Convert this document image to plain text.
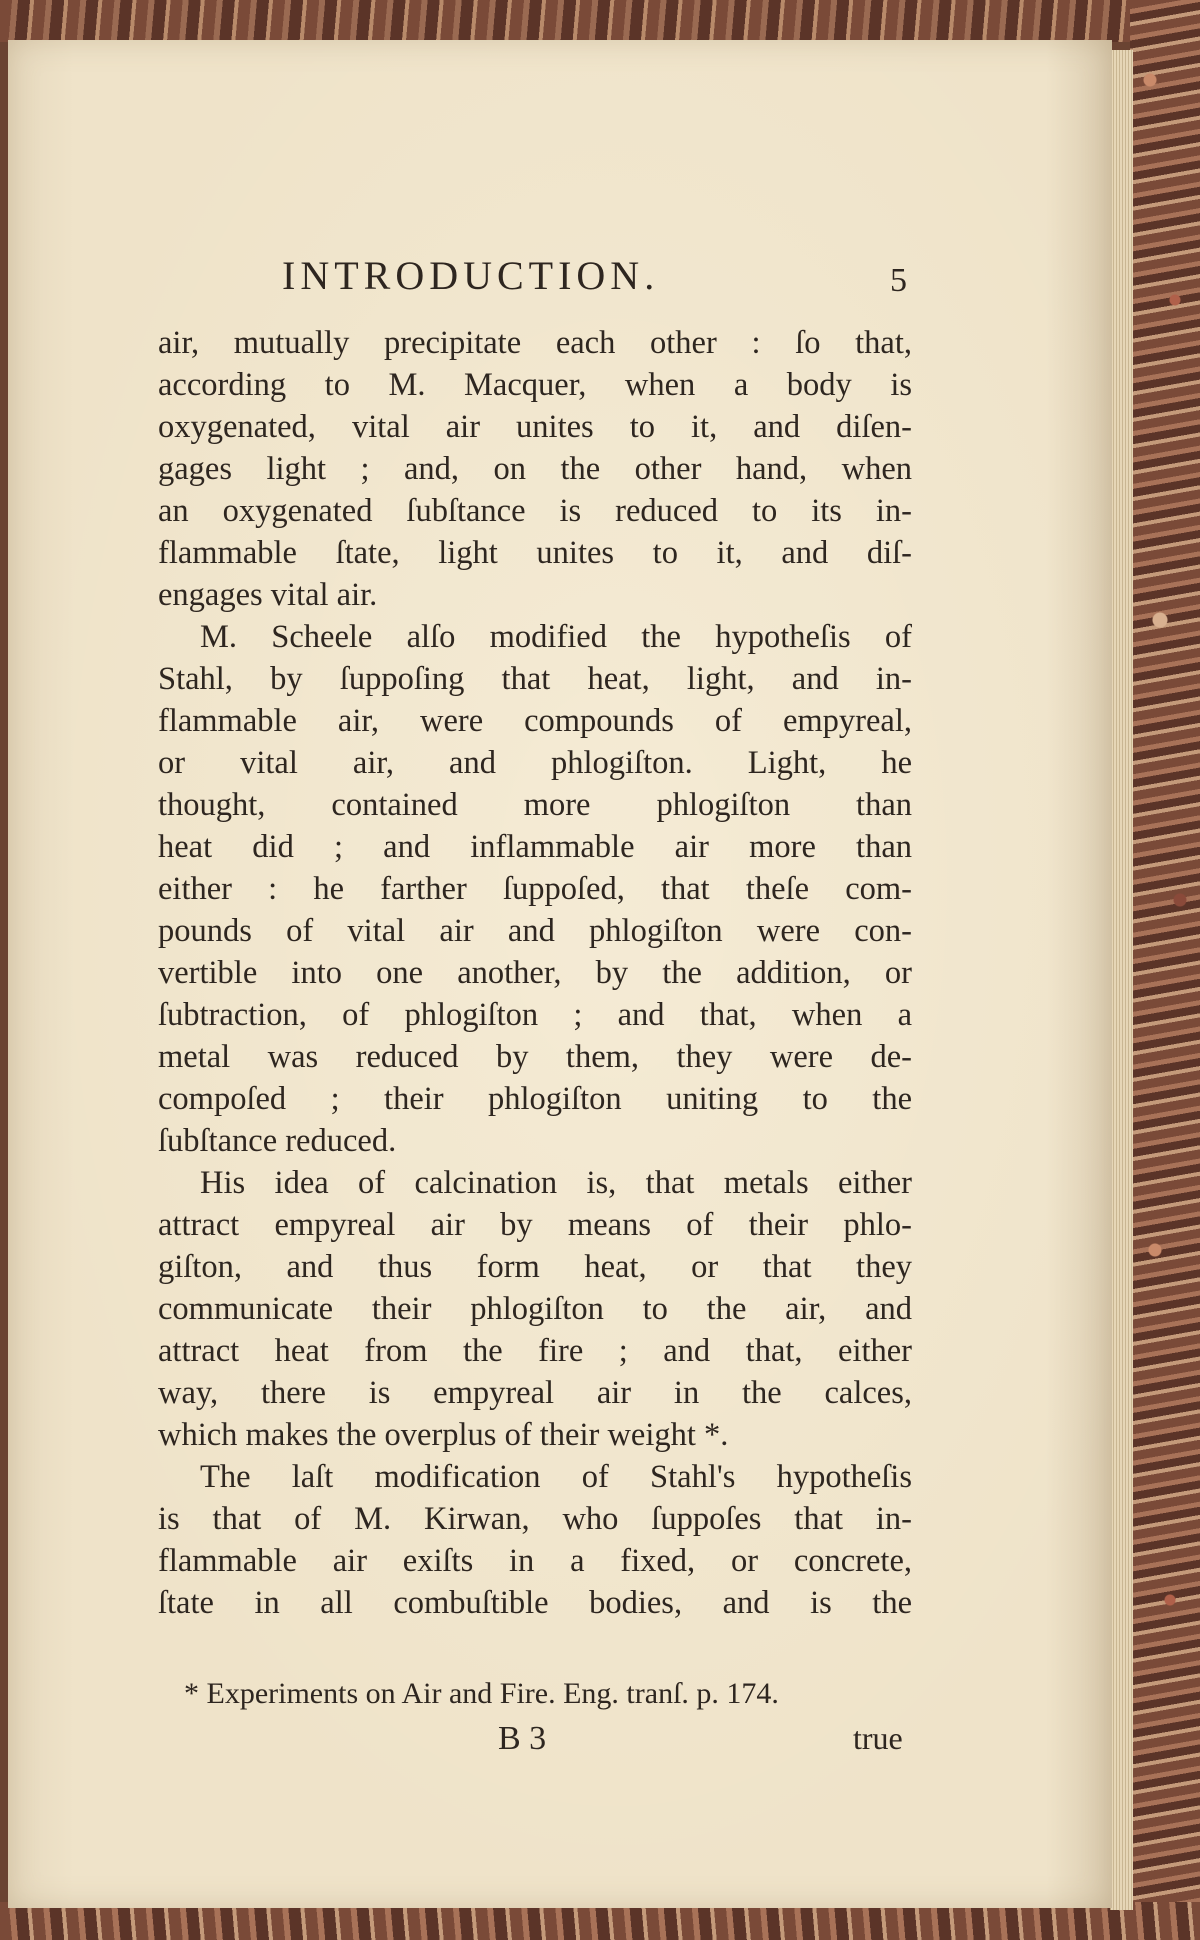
INTRODUCTION.	5
air, mutually precipitate each other : ſo that,
according to M. Macquer, when a body is
oxygenated, vital air unites to it, and diſen-
gages light ; and, on the other hand, when
an oxygenated ſubſtance is reduced to its in-
flammable ſtate, light unites to it, and diſ-
engages vital air.
M. Scheele alſo modified the hypotheſis of
Stahl, by ſuppoſing that heat, light, and in-
flammable air, were compounds of empyreal,
or vital air, and phlogiſton. Light, he
thought, contained more phlogiſton than
heat did ; and inflammable air more than
either : he farther ſuppoſed, that theſe com-
pounds of vital air and phlogiſton were con-
vertible into one another, by the addition, or
ſubtraction, of phlogiſton ; and that, when a
metal was reduced by them, they were de-
compoſed ; their phlogiſton uniting to the
ſubſtance reduced.
His idea of calcination is, that metals either
attract empyreal air by means of their phlo-
giſton, and thus form heat, or that they
communicate their phlogiſton to the air, and
attract heat from the fire ; and that, either
way, there is empyreal air in the calces,
which makes the overplus of their weight *.
The laſt modification of Stahl's hypotheſis
is that of M. Kirwan, who ſuppoſes that in-
flammable air exiſts in a fixed, or concrete,
ſtate in all combuſtible bodies, and is the
* Experiments on Air and Fire. Eng. tranſ. p. 174.
B 3	true
